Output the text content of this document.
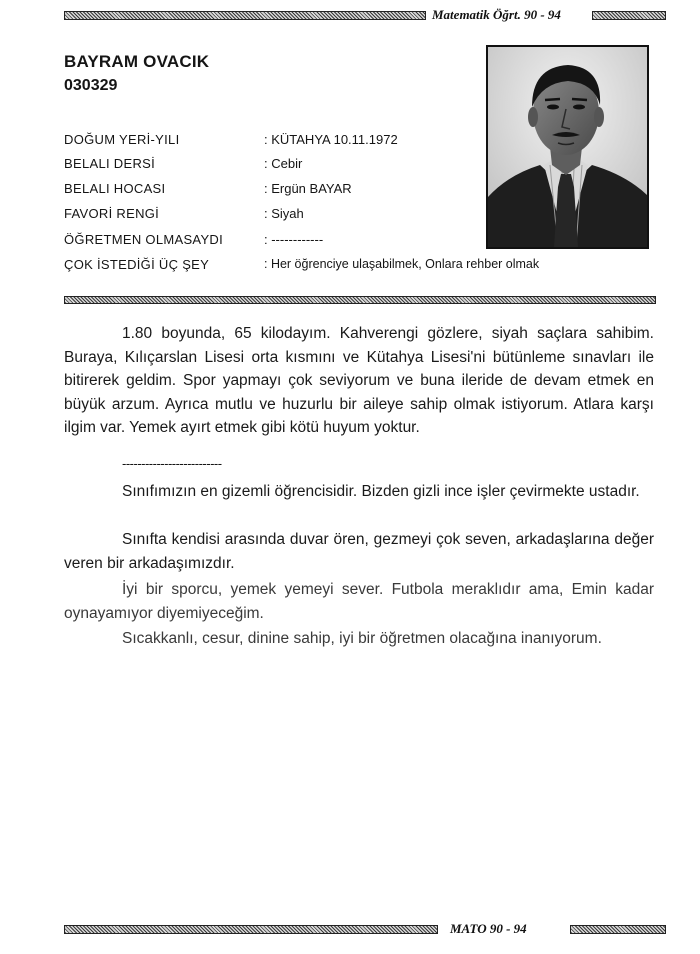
Matematik Öğrt. 90 - 94
BAYRAM OVACIK
030329
DOĞUM YERİ-YILI	: KÜTAHYA 10.11.1972
BELALI DERSİ	: Cebir
BELALI HOCASI	: Ergün BAYAR
FAVORİ RENGİ	: Siyah
ÖĞRETMEN OLMASAYDI	: ------------
ÇOK İSTEDİĞİ ÜÇ ŞEY	: Her öğrenciye ulaşabilmek, Onlara rehber olmak

1.80 boyunda, 65 kilodayım. Kahverengi gözlere, siyah saçlara sahibim. Buraya, Kılıçarslan Lisesi orta kısmını ve Kütahya Lisesi'ni bütünleme sınavları ile bitirerek geldim. Spor yapmayı çok seviyorum ve buna ileride de devam etmek en büyük arzum. Ayrıca mutlu ve huzurlu bir aileye sahip olmak istiyorum. Atlara karşı ilgim var. Yemek ayırt etmek gibi kötü huyum yoktur.

--------------------------

Sınıfımızın en gizemli öğrencisidir. Bizden gizli ince işler çevirmekte ustadır.

Sınıfta kendisi arasında duvar ören, gezmeyi çok seven, arkadaşlarına değer veren bir arkadaşımızdır.

İyi bir sporcu, yemek yemeyi sever. Futbola meraklıdır ama, Emin kadar oynayamıyor diyemiyeceğim.

Sıcakkanlı, cesur, dinine sahip, iyi bir öğretmen olacağına inanıyorum.

MATO 90 - 94
